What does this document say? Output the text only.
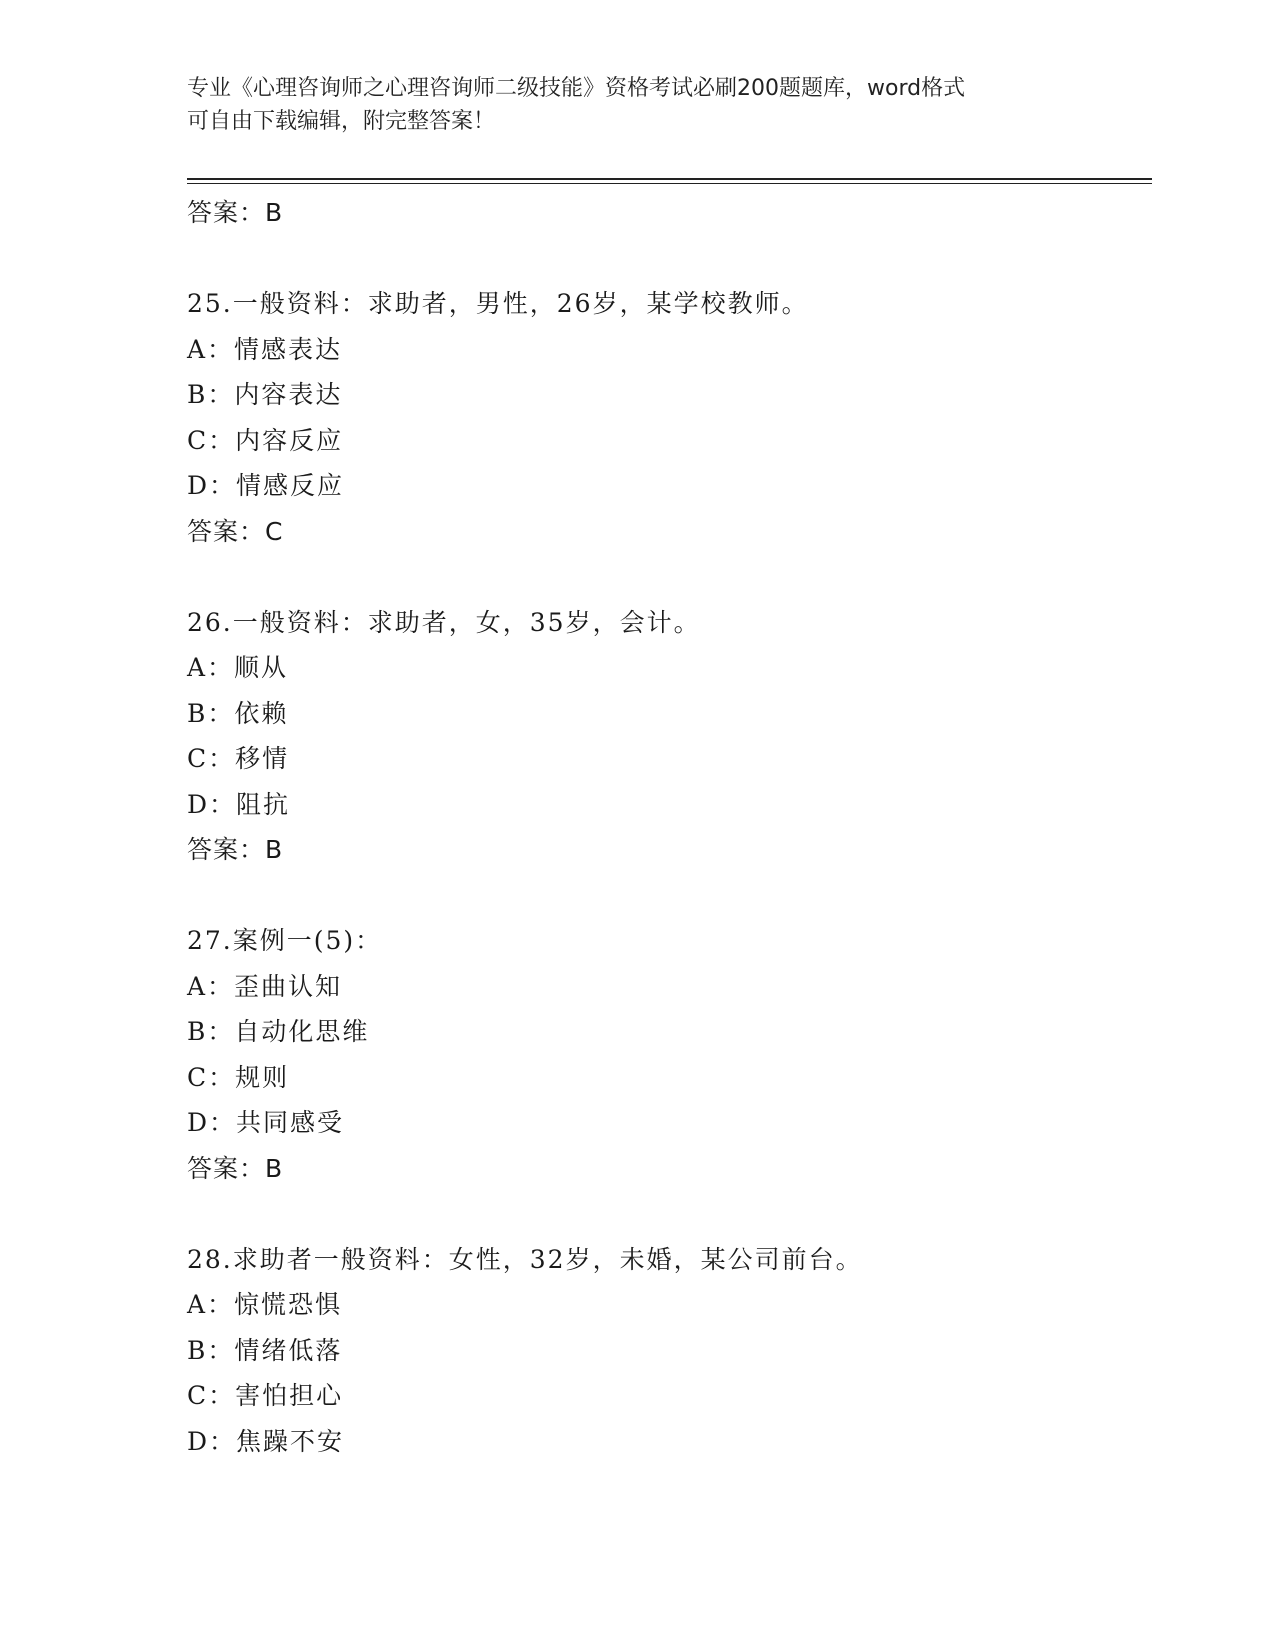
专业《心理咨询师之心理咨询师二级技能》资格考试必刷200题题库，word格式

可自由下载编辑，附完整答案！

答案：B
25.一般资料：求助者，男性，26岁，某学校教师。
A：情感表达
B：内容表达
C：内容反应
D：情感反应
答案：C
26.一般资料：求助者，女，35岁，会计。
A：顺从
B：依赖
C：移情
D：阻抗
答案：B
27.案例一(5)：
A：歪曲认知
B：自动化思维
C：规则
D：共同感受
答案：B
28.求助者一般资料：女性，32岁，未婚，某公司前台。
A：惊慌恐惧
B：情绪低落
C：害怕担心
D：焦躁不安
